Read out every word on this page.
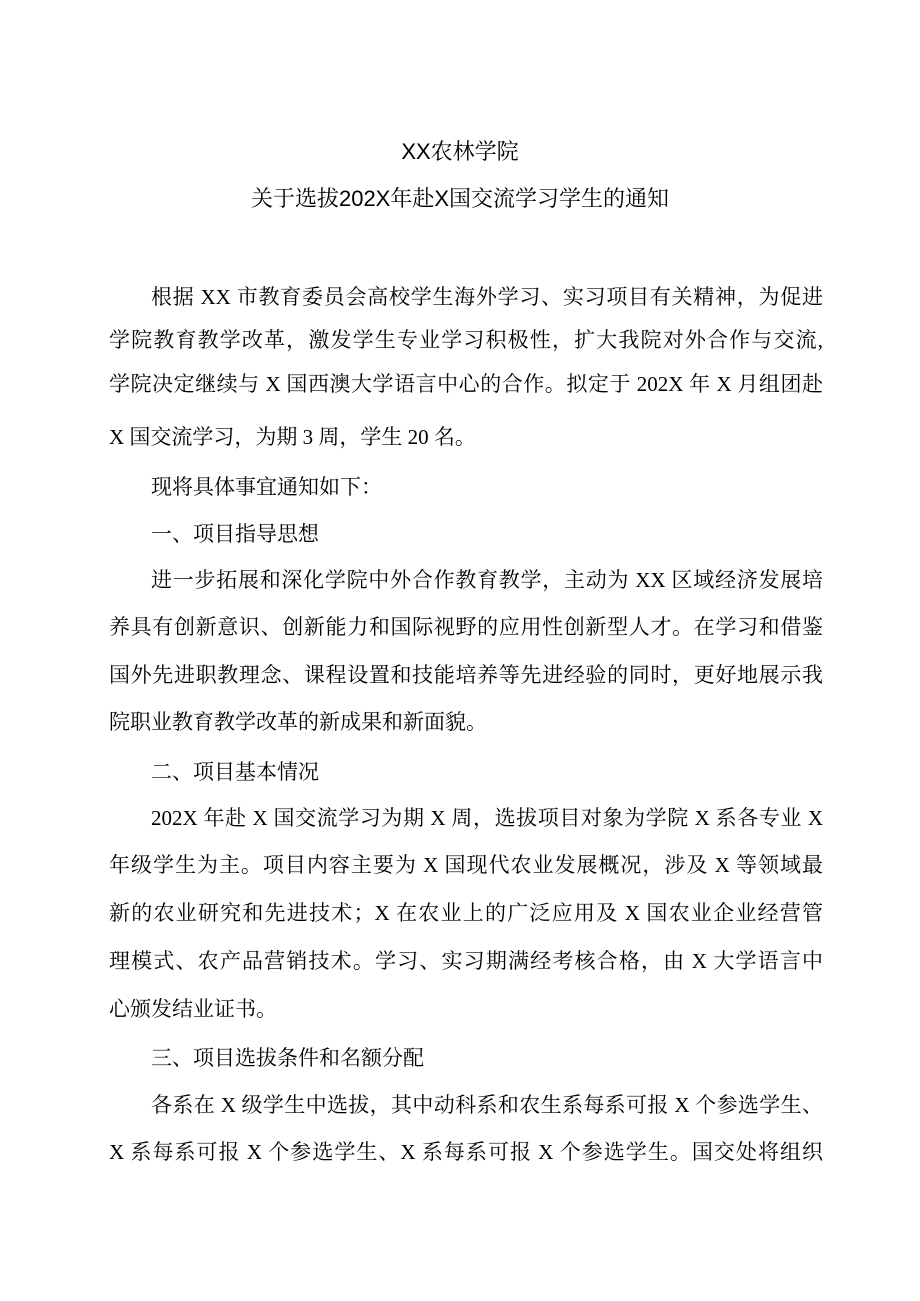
XX农林学院
关于选拔202X年赴X国交流学习学生的通知

根据 XX 市教育委员会高校学生海外学习、实习项目有关精神，为促进

学院教育教学改革，激发学生专业学习积极性，扩大我院对外合作与交流,

学院决定继续与 X 国西澳大学语言中心的合作。拟定于 202X 年 X 月组团赴

X 国交流学习，为期 3 周，学生 20 名。

现将具体事宜通知如下：

一、项目指导思想

进一步拓展和深化学院中外合作教育教学，主动为 XX 区域经济发展培

养具有创新意识、创新能力和国际视野的应用性创新型人才。在学习和借鉴

国外先进职教理念、课程设置和技能培养等先进经验的同时，更好地展示我

院职业教育教学改革的新成果和新面貌。

二、项目基本情况

202X 年赴 X 国交流学习为期 X 周，选拔项目对象为学院 X 系各专业 X

年级学生为主。项目内容主要为 X 国现代农业发展概况，涉及 X 等领域最

新的农业研究和先进技术；X 在农业上的广泛应用及 X 国农业企业经营管

理模式、农产品营销技术。学习、实习期满经考核合格，由 X 大学语言中

心颁发结业证书。

三、项目选拔条件和名额分配

各系在 X 级学生中选拔，其中动科系和农生系每系可报 X 个参选学生、

X 系每系可报 X 个参选学生、X 系每系可报 X 个参选学生。国交处将组织
